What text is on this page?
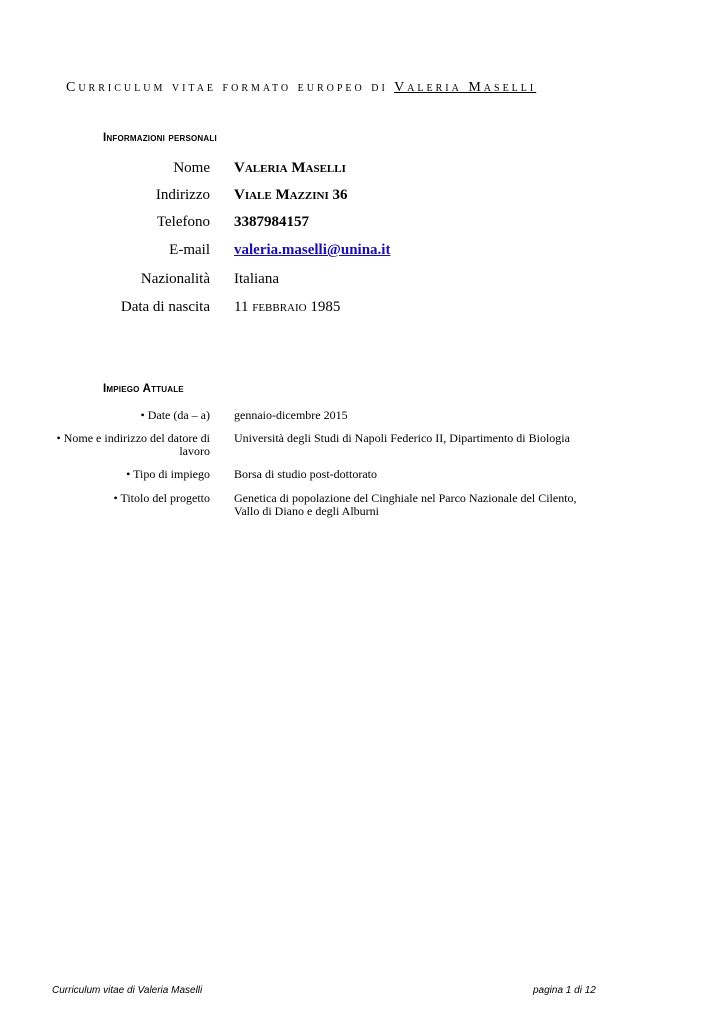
Curriculum vitae formato europeo di Valeria Maselli
Informazioni personali
Nome Valeria Maselli
Indirizzo Viale Mazzini 36
Telefono 3387984157
E-mail valeria.maselli@unina.it
Nazionalità Italiana
Data di nascita 11 febbraio 1985
Impiego Attuale
• Date (da – a) gennaio-dicembre 2015
• Nome e indirizzo del datore di lavoro
Università degli Studi di Napoli Federico II, Dipartimento di Biologia
• Tipo di impiego Borsa di studio post-dottorato
• Titolo del progetto Genetica di popolazione del Cinghiale nel Parco Nazionale del Cilento, Vallo di Diano e degli Alburni
Curriculum vitae di Valeria Maselli	pagina 1 di 12
